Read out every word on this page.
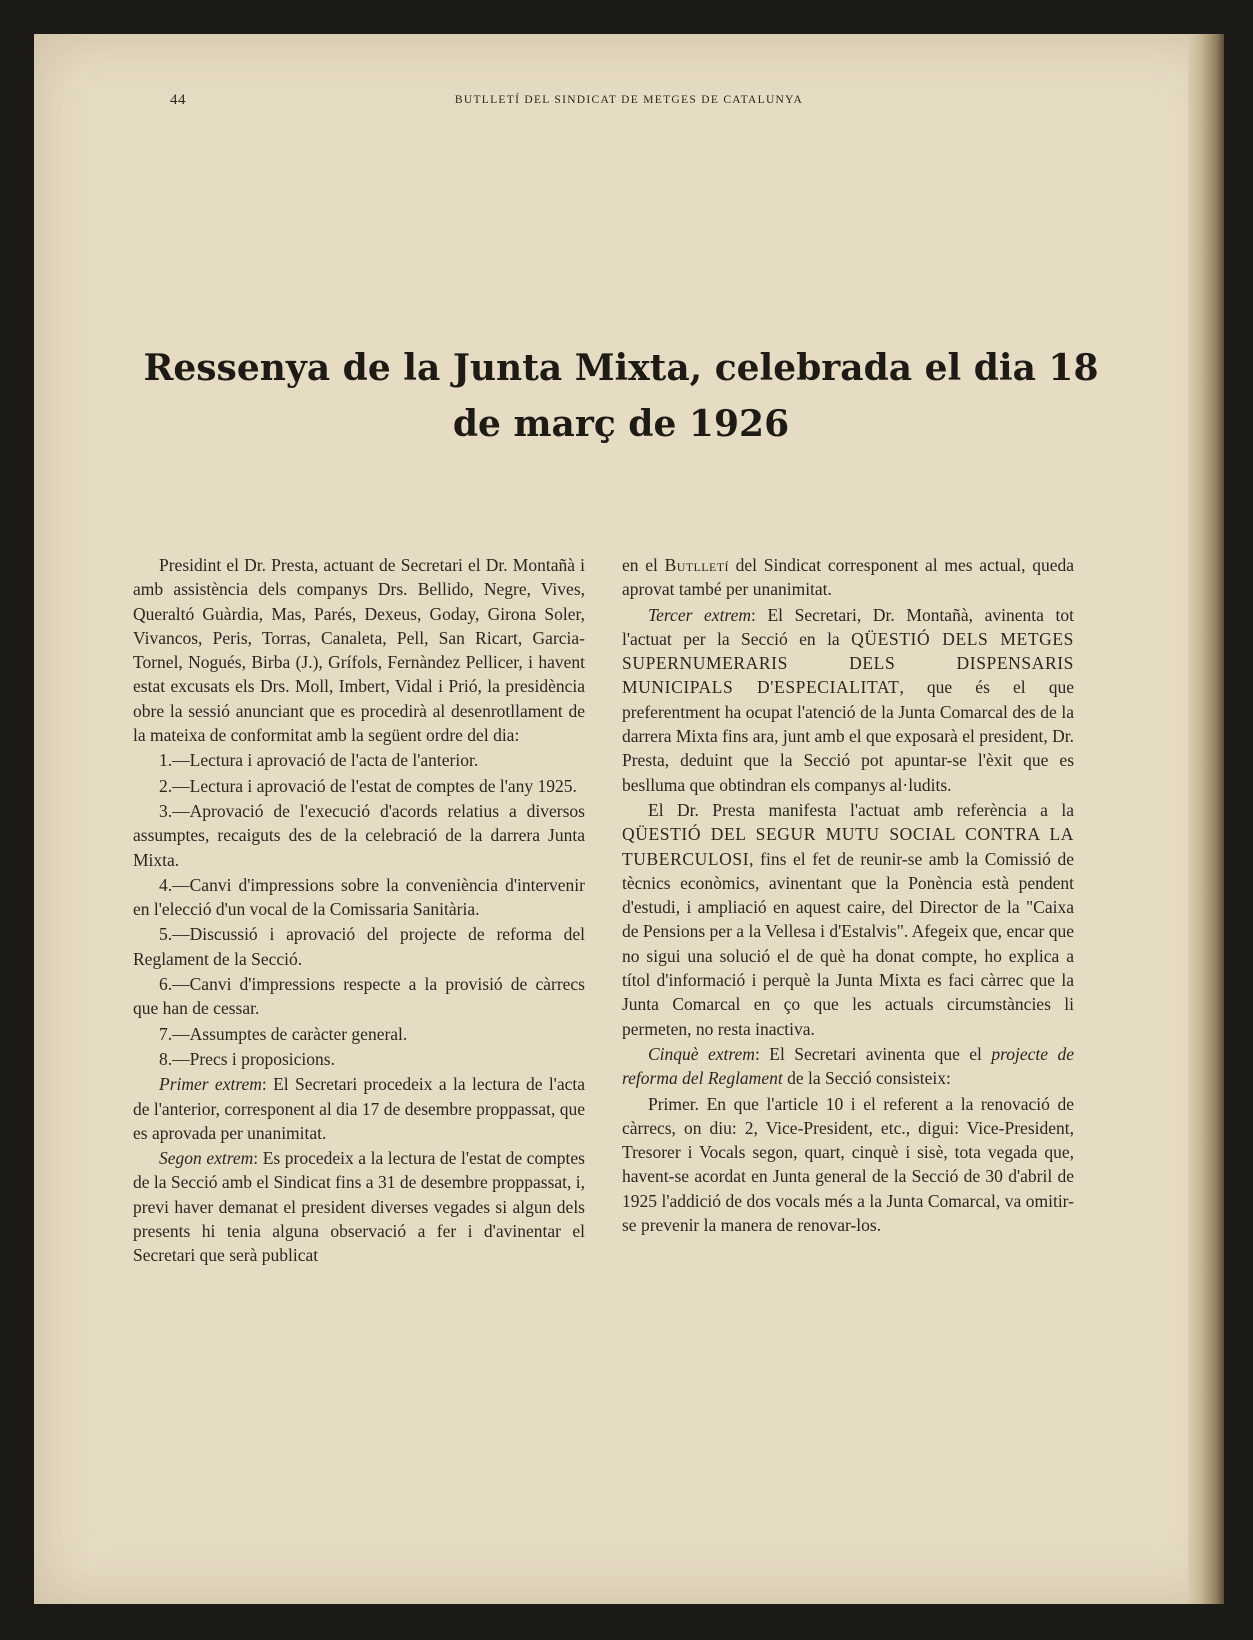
44	BUTLLETÍ DEL SINDICAT DE METGES DE CATALUNYA
Ressenya de la Junta Mixta, celebrada el dia 18 de març de 1926

Presidint el Dr. Presta, actuant de Secretari el Dr. Montañà i amb assistència dels companys Drs. Bellido, Negre, Vives, Queraltó Guàrdia, Mas, Parés, Dexeus, Goday, Girona Soler, Vivancos, Peris, Torras, Canaleta, Pell, San Ricart, Garcia-Tornel, Nogués, Birba (J.), Grífols, Fernàndez Pellicer, i havent estat excusats els Drs. Moll, Imbert, Vidal i Prió, la presidència obre la sessió anunciant que es procedirà al desenrotllament de la mateixa de conformitat amb la següent ordre del dia:

1.—Lectura i aprovació de l'acta de l'anterior.

2.—Lectura i aprovació de l'estat de comptes de l'any 1925.

3.—Aprovació de l'execució d'acords relatius a diversos assumptes, recaiguts des de la celebració de la darrera Junta Mixta.

4.—Canvi d'impressions sobre la conveniència d'intervenir en l'elecció d'un vocal de la Comissaria Sanitària.

5.—Discussió i aprovació del projecte de reforma del Reglament de la Secció.

6.—Canvi d'impressions respecte a la provisió de càrrecs que han de cessar.

7.—Assumptes de caràcter general.

8.—Precs i proposicions.

Primer extrem: El Secretari procedeix a la lectura de l'acta de l'anterior, corresponent al dia 17 de desembre proppassat, que es aprovada per unanimitat.

Segon extrem: Es procedeix a la lectura de l'estat de comptes de la Secció amb el Sindicat fins a 31 de desembre proppassat, i, previ haver demanat el president diverses vegades si algun dels presents hi tenia alguna observació a fer i d'avinentar el Secretari que serà publicat

en el Butlletí del Sindicat corresponent al mes actual, queda aprovat també per unanimitat.

Tercer extrem: El Secretari, Dr. Montañà, avinenta tot l'actuat per la Secció en la QÜESTIÓ DELS METGES SUPERNUMERARIS DELS DISPENSARIS MUNICIPALS D'ESPECIALITAT, que és el que preferentment ha ocupat l'atenció de la Junta Comarcal des de la darrera Mixta fins ara, junt amb el que exposarà el president, Dr. Presta, deduint que la Secció pot apuntar-se l'èxit que es besllumа que obtindran els companys al·ludits.

El Dr. Presta manifesta l'actuat amb referència a la QÜESTIÓ DEL SEGUR MUTU SOCIAL CONTRA LA TUBERCULOSI, fins el fet de reunir-se amb la Comissió de tècnics econòmics, avinentant que la Ponència està pendent d'estudi, i ampliació en aquest caire, del Director de la "Caixa de Pensions per a la Vellesa i d'Estalvis". Afegeix que, encar que no sigui una solució el de què ha donat compte, ho explica a títol d'informació i perquè la Junta Mixta es faci càrrec que la Junta Comarcal en ço que les actuals circumstàncies li permeten, no resta inactiva.

Cinquè extrem: El Secretari avinenta que el projecte de reforma del Reglament de la Secció consisteix:

Primer. En que l'article 10 i el referent a la renovació de càrrecs, on diu: 2, Vice-President, etc., digui: Vice-President, Tresorer i Vocals segon, quart, cinquè i sisè, tota vegada que, havent-se acordat en Junta general de la Secció de 30 d'abril de 1925 l'addició de dos vocals més a la Junta Comarcal, va omitir-se prevenir la manera de renovar-los.
